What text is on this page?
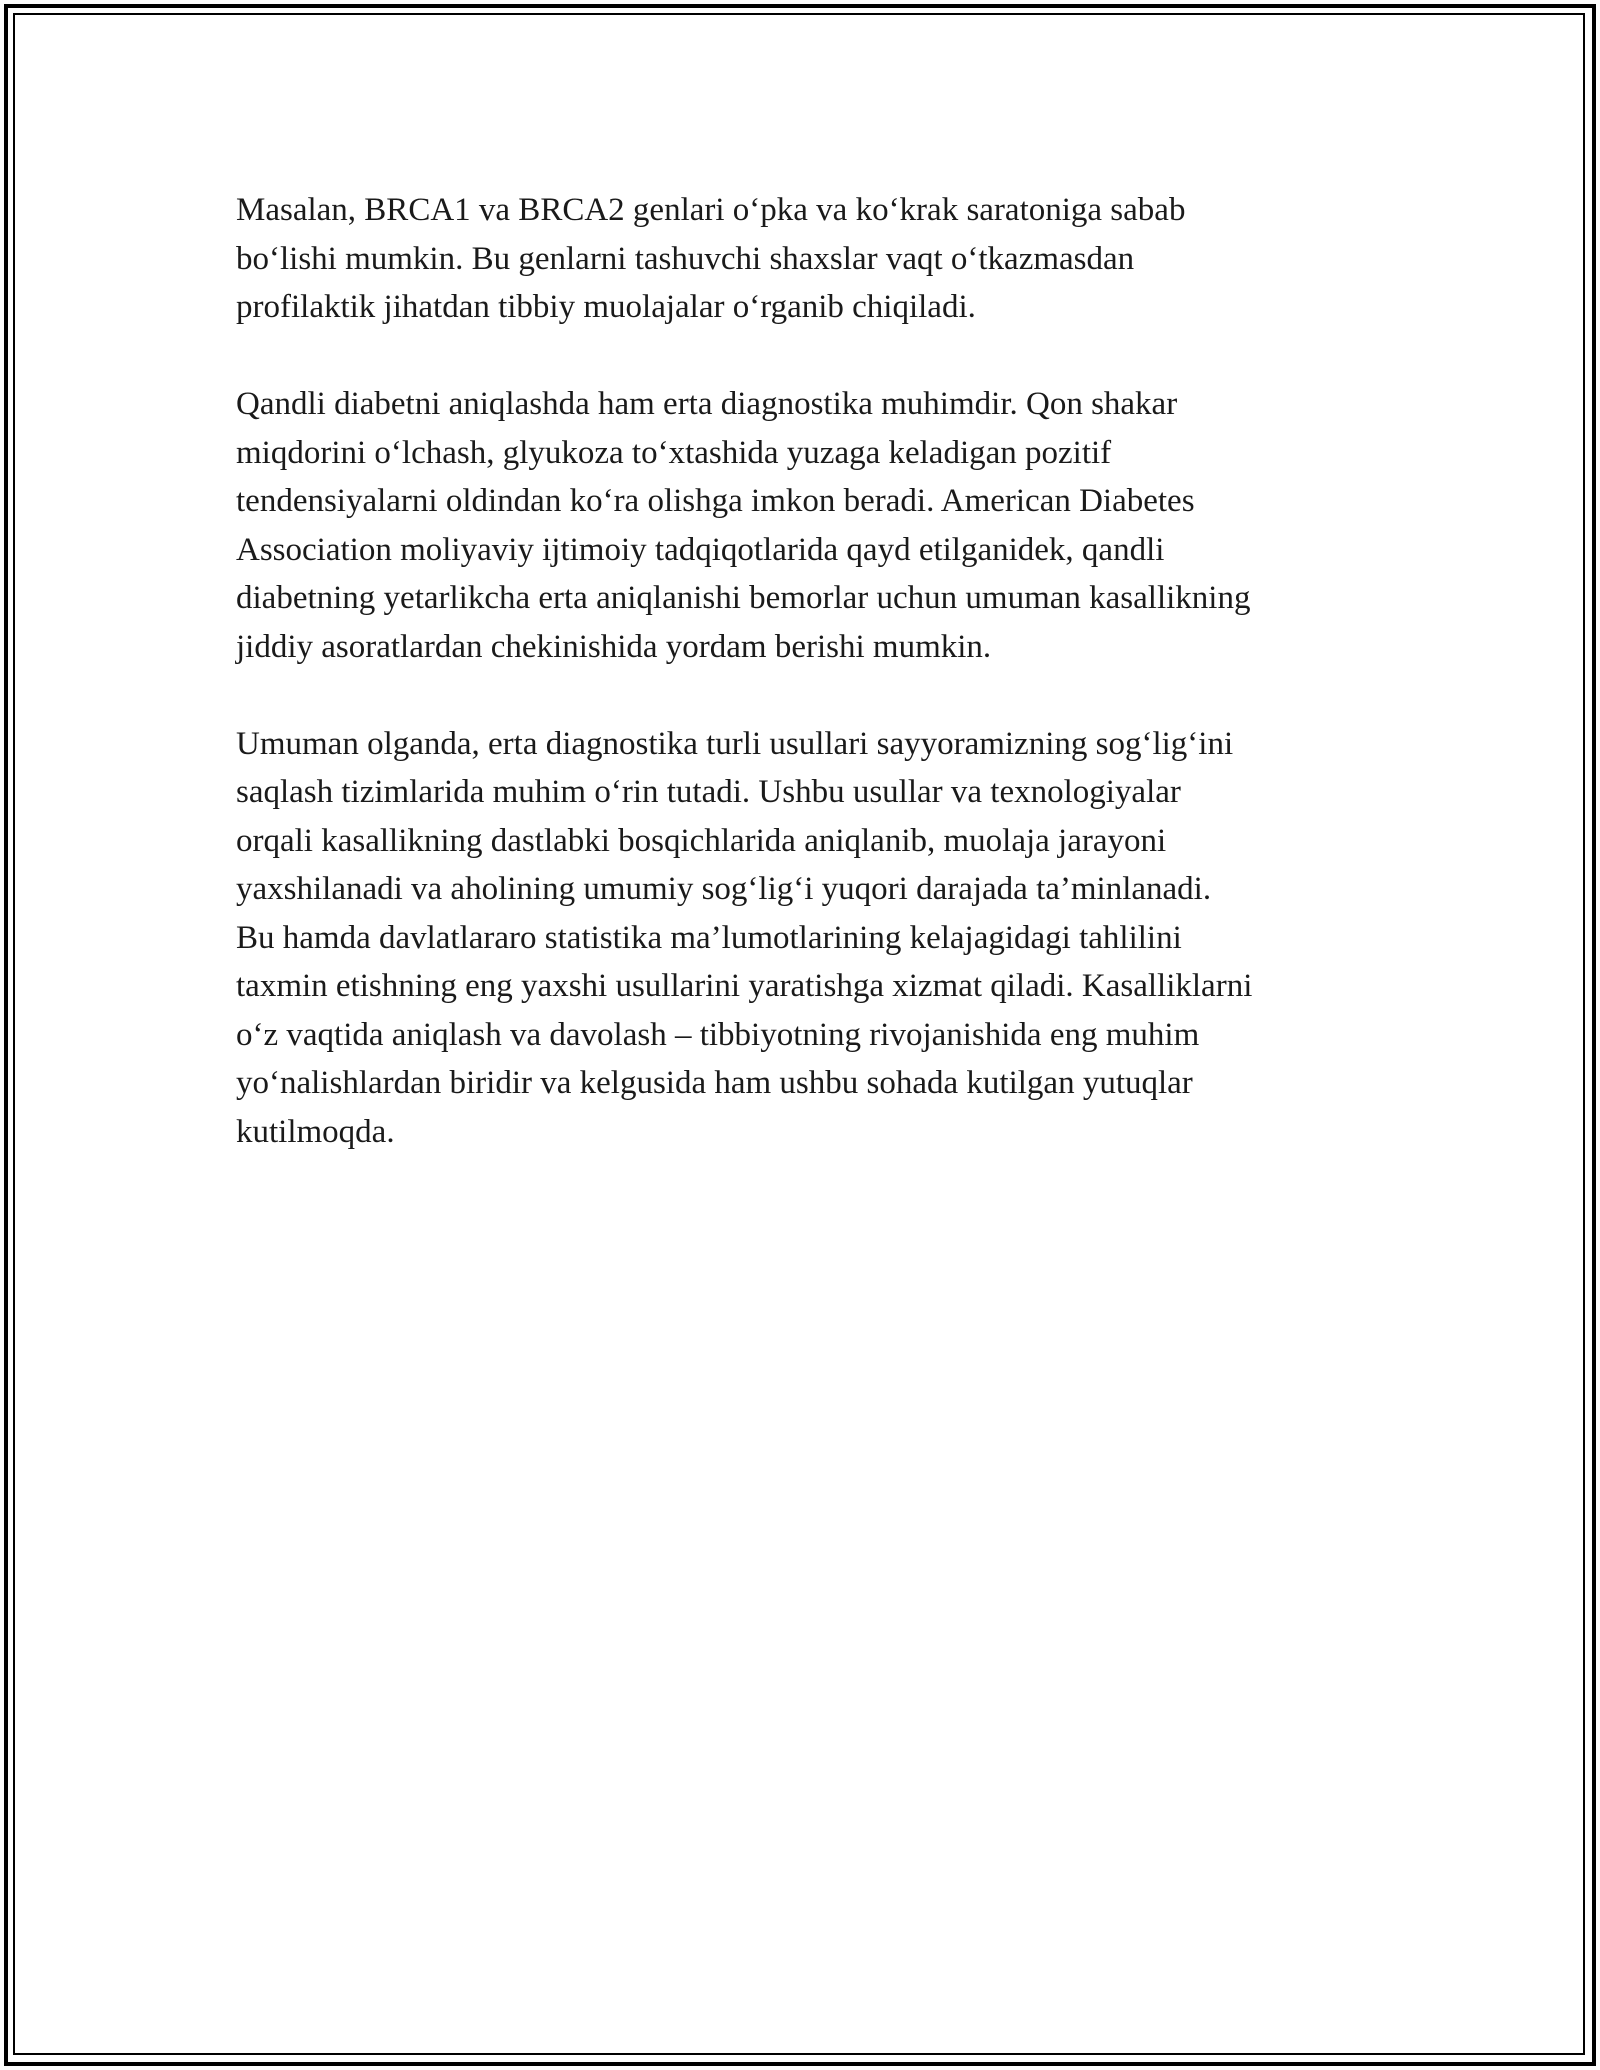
Masalan, BRCA1 va BRCA2 genlari o‘pka va ko‘krak saratoniga sabab
bo‘lishi mumkin. Bu genlarni tashuvchi shaxslar vaqt o‘tkazmasdan
profilaktik jihatdan tibbiy muolajalar o‘rganib chiqiladi.

Qandli diabetni aniqlashda ham erta diagnostika muhimdir. Qon shakar
miqdorini o‘lchash, glyukoza to‘xtashida yuzaga keladigan pozitif
tendensiyalarni oldindan ko‘ra olishga imkon beradi. American Diabetes
Association moliyaviy ijtimoiy tadqiqotlarida qayd etilganidek, qandli
diabetning yetarlikcha erta aniqlanishi bemorlar uchun umuman kasallikning
jiddiy asoratlardan chekinishida yordam berishi mumkin.

Umuman olganda, erta diagnostika turli usullari sayyoramizning sog‘lig‘ini
saqlash tizimlarida muhim o‘rin tutadi. Ushbu usullar va texnologiyalar
orqali kasallikning dastlabki bosqichlarida aniqlanib, muolaja jarayoni
yaxshilanadi va aholining umumiy sog‘lig‘i yuqori darajada ta’minlanadi.
Bu hamda davlatlararo statistika ma’lumotlarining kelajagidagi tahlilini
taxmin etishning eng yaxshi usullarini yaratishga xizmat qiladi. Kasalliklarni
o‘z vaqtida aniqlash va davolash – tibbiyotning rivojanishida eng muhim
yo‘nalishlardan biridir va kelgusida ham ushbu sohada kutilgan yutuqlar
kutilmoqda.
